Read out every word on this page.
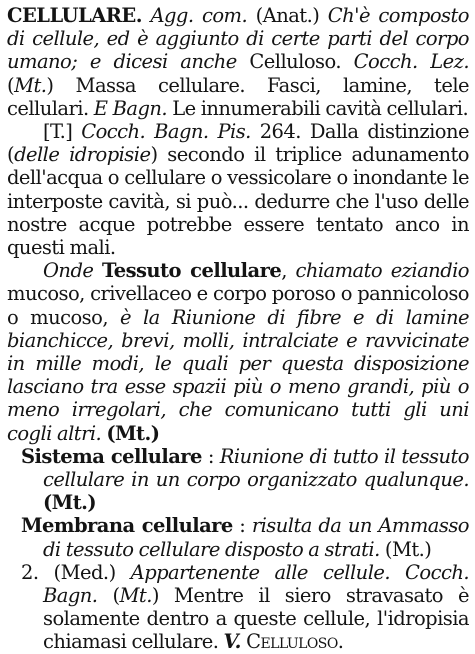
CELLULARE. Agg. com. (Anat.) Ch'è composto di cellule, ed è aggiunto di certe parti del corpo umano; e dicesi anche Celluloso. Cocch. Lez. (Mt.) Massa cellulare. Fasci, lamine, tele cellulari. E Bagn. Le innumerabili cavità cellulari.

[T.] Cocch. Bagn. Pis. 264. Dalla distinzione (delle idropisie) secondo il triplice adunamento dell'acqua o cellulare o vessicolare o inondante le interposte cavità, si può... dedurre che l'uso delle nostre acque potrebbe essere tentato anco in questi mali.

Onde Tessuto cellulare, chiamato eziandio mucoso, crivellaceo e corpo poroso o pannicoloso o mucoso, è la Riunione di fibre e di lamine bianchicce, brevi, molli, intralciate e ravvicinate in mille modi, le quali per questa disposizione lasciano tra esse spazii più o meno grandi, più o meno irregolari, che comunicano tutti gli uni cogli altri. (Mt.)

Sistema cellulare : Riunione di tutto il tessuto cellulare in un corpo organizzato qualunque. (Mt.)

Membrana cellulare : risulta da un Ammasso di tessuto cellulare disposto a strati. (Mt.)

2. (Med.) Appartenente alle cellule. Cocch. Bagn. (Mt.) Mentre il siero stravasato è solamente dentro a queste cellule, l'idropisia chiamasi cellulare. V. Celluloso.
